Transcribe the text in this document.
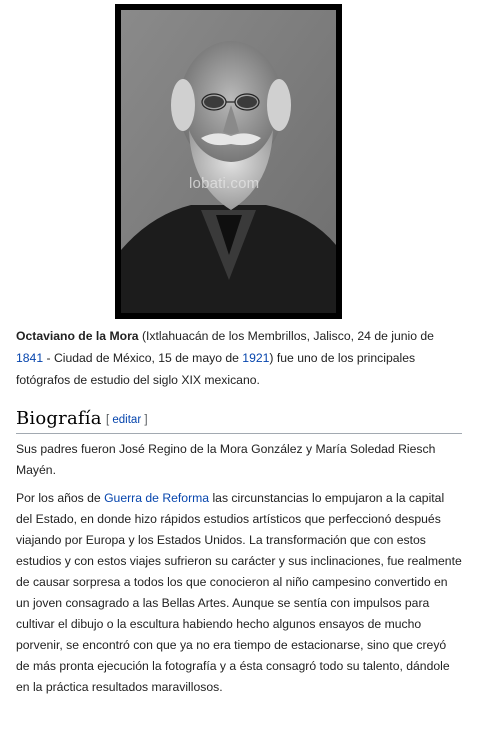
lobati.com

Octaviano de la Mora (Ixtlahuacán de los Membrillos, Jalisco, 24 de junio de 1841 - Ciudad de México, 15 de mayo de 1921) fue uno de los principales fotógrafos de estudio del siglo XIX mexicano.

Biografía [ editar ]

Sus padres fueron José Regino de la Mora González y María Soledad Riesch Mayén.

Por los años de Guerra de Reforma las circunstancias lo empujaron a la capital del Estado, en donde hizo rápidos estudios artísticos que perfeccionó después viajando por Europa y los Estados Unidos. La transformación que con estos estudios y con estos viajes sufrieron su carácter y sus inclinaciones, fue realmente de causar sorpresa a todos los que conocieron al niño campesino convertido en un joven consagrado a las Bellas Artes. Aunque se sentía con impulsos para cultivar el dibujo o la escultura habiendo hecho algunos ensayos de mucho porvenir, se encontró con que ya no era tiempo de estacionarse, sino que creyó de más pronta ejecución la fotografía y a ésta consagró todo su talento, dándole en la práctica resultados maravillosos.
